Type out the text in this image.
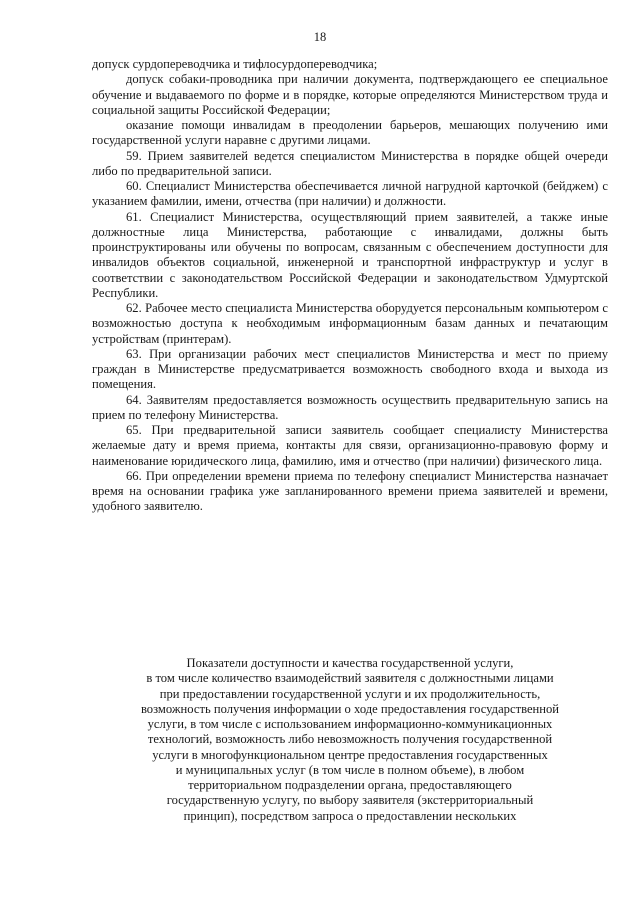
18

допуск сурдопереводчика и тифлосурдопереводчика;

допуск собаки-проводника при наличии документа, подтверждающего ее специальное обучение и выдаваемого по форме и в порядке, которые определяются Министерством труда и социальной защиты Российской Федерации;

оказание помощи инвалидам в преодолении барьеров, мешающих получению ими государственной услуги наравне с другими лицами.

59. Прием заявителей ведется специалистом Министерства в порядке общей очереди либо по предварительной записи.

60. Специалист Министерства обеспечивается личной нагрудной карточкой (бейджем) с указанием фамилии, имени, отчества (при наличии) и должности.

61. Специалист Министерства, осуществляющий прием заявителей, а также иные должностные лица Министерства, работающие с инвалидами, должны быть проинструктированы или обучены по вопросам, связанным с обеспечением доступности для инвалидов объектов социальной, инженерной и транспортной инфраструктур и услуг в соответствии с законодательством Российской Федерации и законодательством Удмуртской Республики.

62. Рабочее место специалиста Министерства оборудуется персональным компьютером с возможностью доступа к необходимым информационным базам данных и печатающим устройствам (принтерам).

63. При организации рабочих мест специалистов Министерства и мест по приему граждан в Министерстве предусматривается возможность свободного входа и выхода из помещения.

64. Заявителям предоставляется возможность осуществить предварительную запись на прием по телефону Министерства.

65. При предварительной записи заявитель сообщает специалисту Министерства желаемые дату и время приема, контакты для связи, организационно-правовую форму и наименование юридического лица, фамилию, имя и отчество (при наличии) физического лица.

66. При определении времени приема по телефону специалист Министерства назначает время на основании графика уже запланированного времени приема заявителей и времени, удобного заявителю.

Показатели доступности и качества государственной услуги,
в том числе количество взаимодействий заявителя с должностными лицами
при предоставлении государственной услуги и их продолжительность,
возможность получения информации о ходе предоставления государственной
услуги, в том числе с использованием информационно-коммуникационных
технологий, возможность либо невозможность получения государственной
услуги в многофункциональном центре предоставления государственных
и муниципальных услуг (в том числе в полном объеме), в любом
территориальном подразделении органа, предоставляющего
государственную услугу, по выбору заявителя (экстерриториальный
принцип), посредством запроса о предоставлении нескольких
